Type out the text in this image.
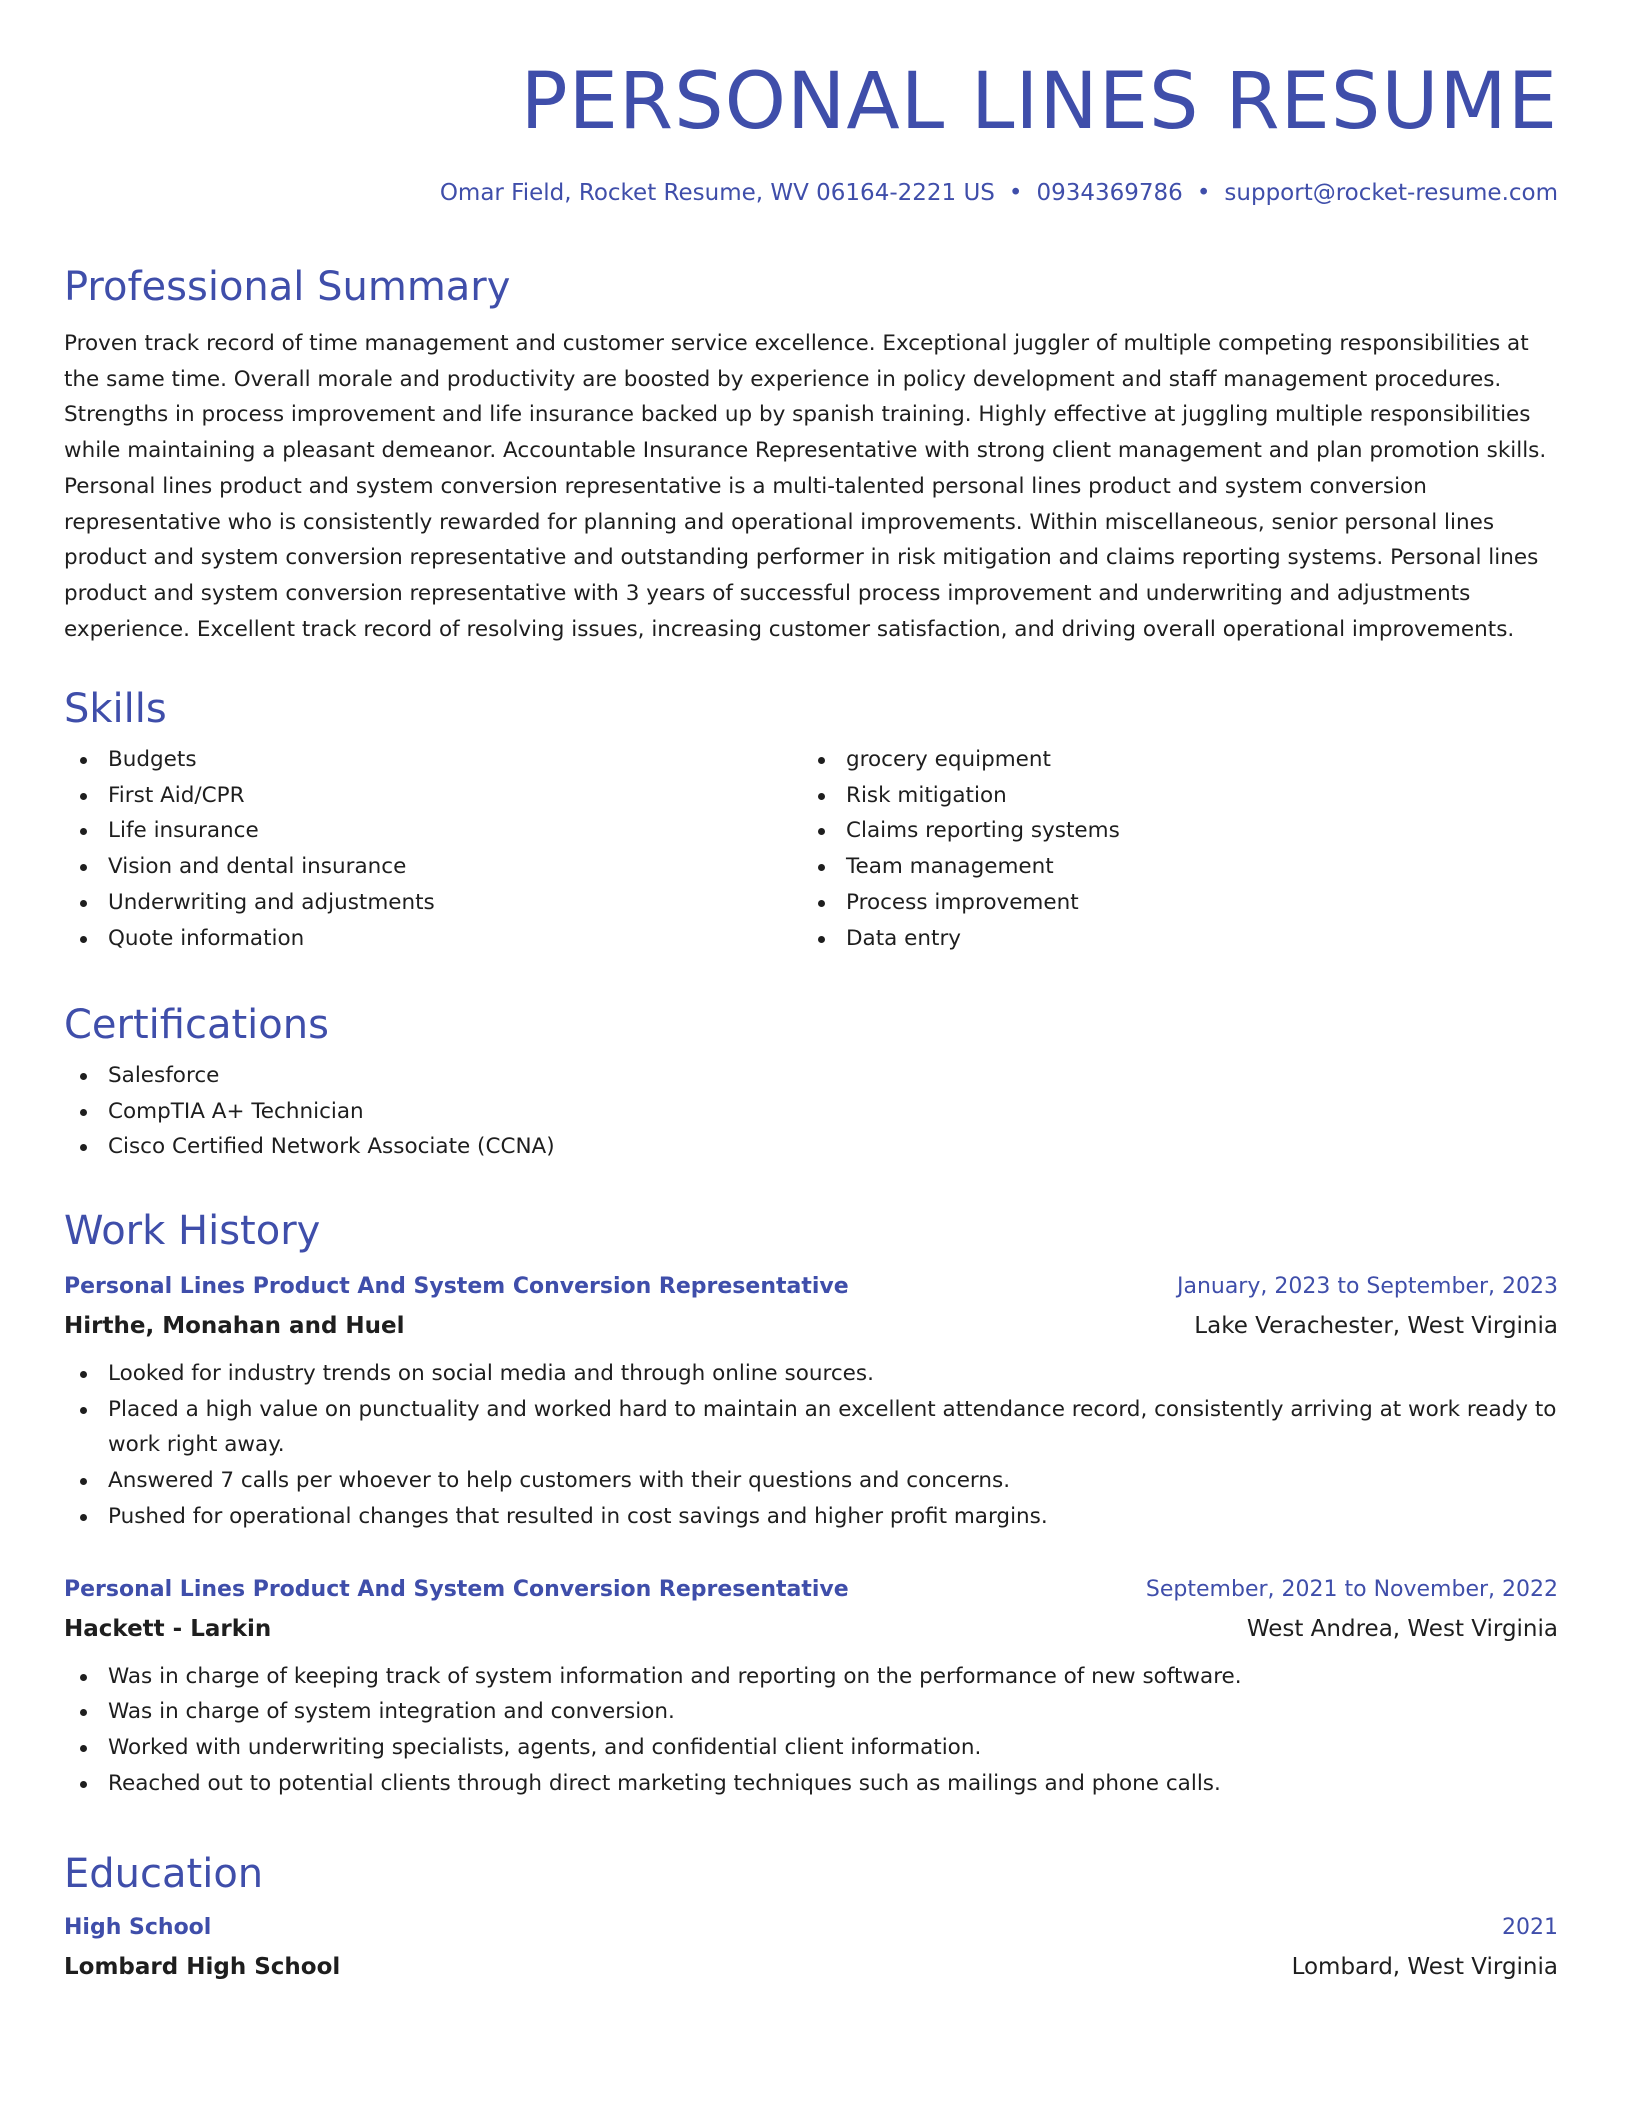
PERSONAL LINES RESUME
Omar Field, Rocket Resume, WV 06164-2221 US • 0934369786 • support@rocket-resume.com
Professional Summary
Proven track record of time management and customer service excellence. Exceptional juggler of multiple competing responsibilities at the same time. Overall morale and productivity are boosted by experience in policy development and staff management procedures. Strengths in process improvement and life insurance backed up by spanish training. Highly effective at juggling multiple responsibilities while maintaining a pleasant demeanor. Accountable Insurance Representative with strong client management and plan promotion skills. Personal lines product and system conversion representative is a multi-talented personal lines product and system conversion representative who is consistently rewarded for planning and operational improvements. Within miscellaneous, senior personal lines product and system conversion representative and outstanding performer in risk mitigation and claims reporting systems. Personal lines product and system conversion representative with 3 years of successful process improvement and underwriting and adjustments experience. Excellent track record of resolving issues, increasing customer satisfaction, and driving overall operational improvements.
Skills
Budgets
First Aid/CPR
Life insurance
Vision and dental insurance
Underwriting and adjustments
Quote information
grocery equipment
Risk mitigation
Claims reporting systems
Team management
Process improvement
Data entry
Certifications
Salesforce
CompTIA A+ Technician
Cisco Certified Network Associate (CCNA)
Work History
Personal Lines Product And System Conversion Representative	January, 2023 to September, 2023
Hirthe, Monahan and Huel	Lake Verachester, West Virginia
Looked for industry trends on social media and through online sources.
Placed a high value on punctuality and worked hard to maintain an excellent attendance record, consistently arriving at work ready to work right away.
Answered 7 calls per whoever to help customers with their questions and concerns.
Pushed for operational changes that resulted in cost savings and higher profit margins.
Personal Lines Product And System Conversion Representative	September, 2021 to November, 2022
Hackett - Larkin	West Andrea, West Virginia
Was in charge of keeping track of system information and reporting on the performance of new software.
Was in charge of system integration and conversion.
Worked with underwriting specialists, agents, and confidential client information.
Reached out to potential clients through direct marketing techniques such as mailings and phone calls.
Education
High School	2021
Lombard High School	Lombard, West Virginia
